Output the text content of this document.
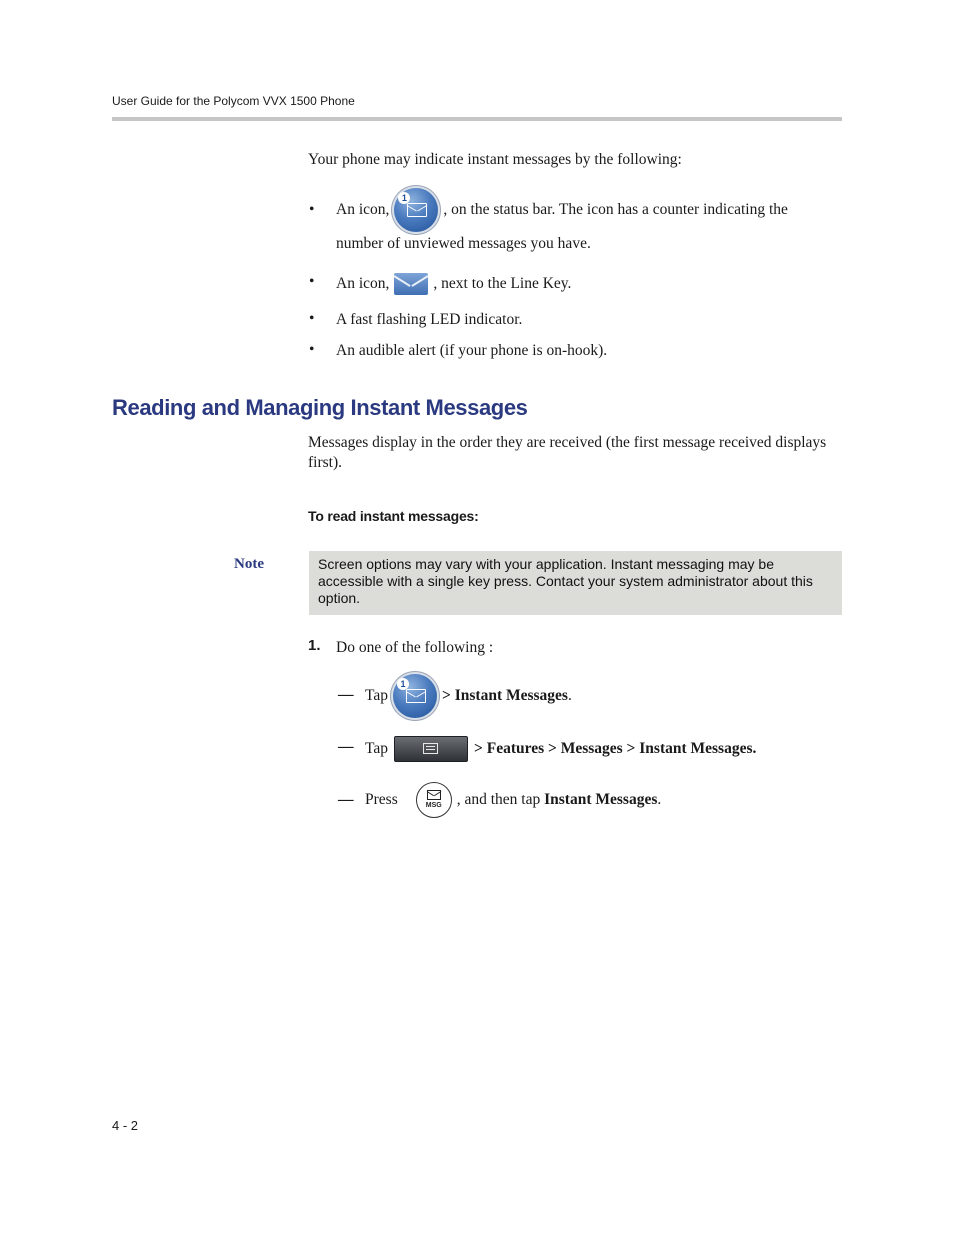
User Guide for the Polycom VVX 1500 Phone
Your phone may indicate instant messages by the following:
• An icon,
1
, on the status bar. The icon has a counter indicating the
number of unviewed messages you have.
• An icon,	, next to the Line Key.
• A fast flashing LED indicator.
• An audible alert (if your phone is on-hook).
Reading and Managing Instant Messages
Messages display in the order they are received (the first message received displays first).
To read instant messages:
Note	Screen options may vary with your application. Instant messaging may be accessible with a single key press. Contact your system administrator about this option.
1. Do one of the following :
— Tap
1
> Instant Messages .
— Tap	> Features > Messages > Instant Messages.
— Press	MSG , and then tap Instant Messages .
4 - 2
